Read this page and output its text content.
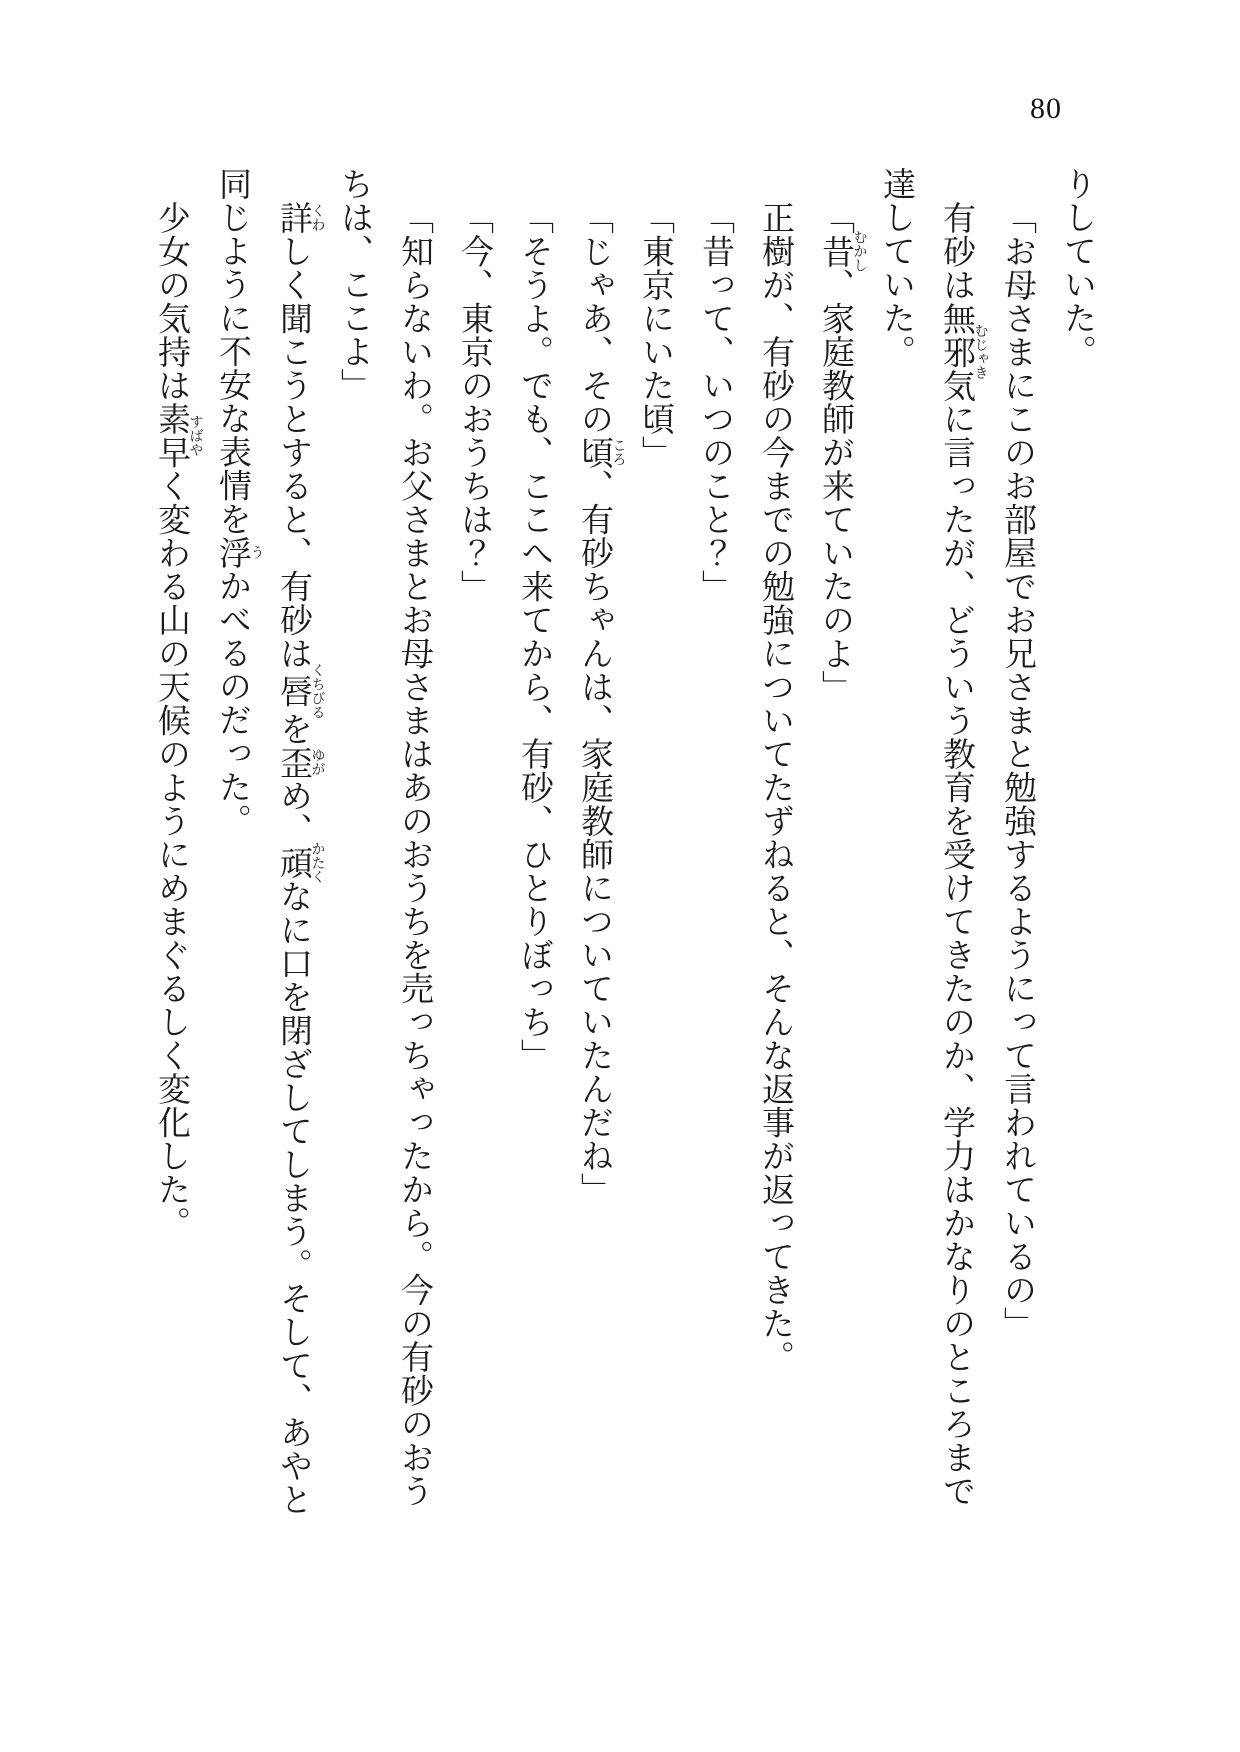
80
りしていた。
「お母さまにこのお部屋でお兄さまと勉強するようにって言われているの」
有砂は無邪気むじゃきに言ったが、どういう教育を受けてきたのか、学力はかなりのところまで
達していた。
「昔むかし、家庭教師が来ていたのよ」
正樹が、有砂の今までの勉強についてたずねると、そんな返事が返ってきた。
「昔って、いつのこと？」
「東京にいた頃」
「じゃあ、その頃ころ、有砂ちゃんは、家庭教師についていたんだね」
「そうよ。でも、ここへ来てから、有砂、ひとりぼっち」
「今、東京のおうちは？」
「知らないわ。お父さまとお母さまはあのおうちを売っちゃったから。今の有砂のおう
ちは、ここよ」
詳くわしく聞こうとすると、有砂は唇くちびるを歪ゆがめ、頑かたくなに口を閉ざしてしまう。そして、あやと
同じように不安な表情を浮うかべるのだった。
少女の気持は素早すばやく変わる山の天候のようにめまぐるしく変化した。
